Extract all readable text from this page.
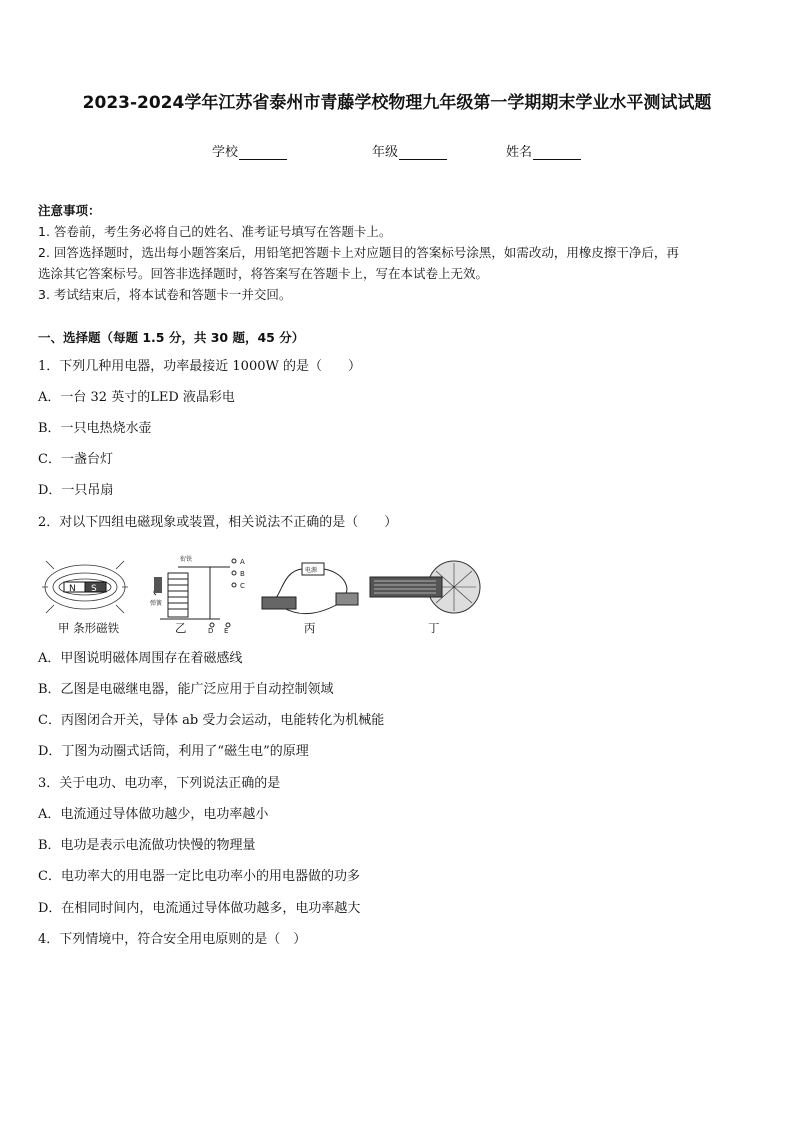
2023-2024学年江苏省泰州市青藤学校物理九年级第一学期期末学业水平测试试题
学校	年级	姓名
注意事项：
1. 答卷前，考生务必将自己的姓名、准考证号填写在答题卡上。
2. 回答选择题时，选出每小题答案后，用铅笔把答题卡上对应题目的答案标号涂黑，如需改动，用橡皮擦干净后，再
选涂其它答案标号。回答非选择题时，将答案写在答题卡上，写在本试卷上无效。
3. 考试结束后，将本试卷和答题卡一并交回。
一、选择题（每题 1.5 分，共 30 题，45 分）
1．下列几种用电器，功率最接近 1000W 的是（　　）
A．一台 32 英寸的LED 液晶彩电
B．一只电热烧水壶
C．一盏台灯
D．一只吊扇
2．对以下四组电磁现象或装置，相关说法不正确的是（　　）
N S
衔铁
弹簧
A
B
C
D E
电源
甲 条形磁铁	乙	丙	丁
A．甲图说明磁体周围存在着磁感线
B．乙图是电磁继电器，能广泛应用于自动控制领域
C．丙图闭合开关，导体 ab 受力会运动，电能转化为机械能
D．丁图为动圈式话筒，利用了“磁生电”的原理
3．关于电功、电功率，下列说法正确的是
A．电流通过导体做功越少，电功率越小
B．电功是表示电流做功快慢的物理量
C．电功率大的用电器一定比电功率小的用电器做的功多
D．在相同时间内，电流通过导体做功越多，电功率越大
4．下列情境中，符合安全用电原则的是（　）
